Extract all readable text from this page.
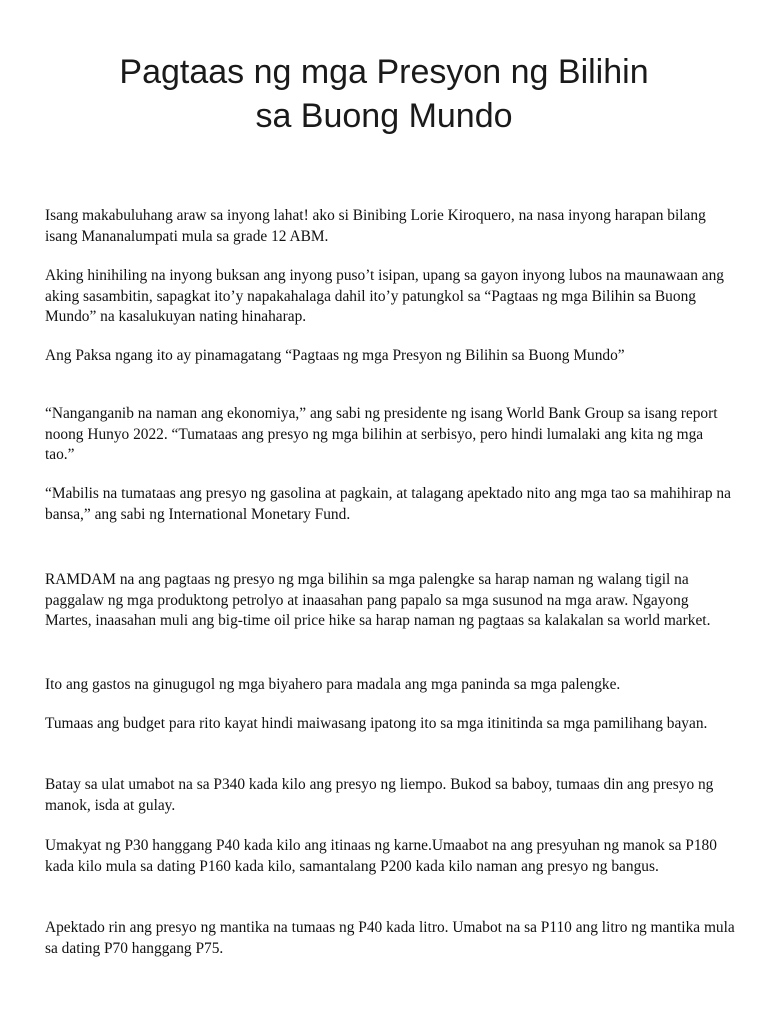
Pagtaas ng mga Presyon ng Bilihin
sa Buong Mundo

Isang makabuluhang araw sa inyong lahat! ako si Binibing Lorie Kiroquero, na nasa inyong harapan bilang isang Mananalumpati mula sa grade 12 ABM.

Aking hinihiling na inyong buksan ang inyong puso’t isipan, upang sa gayon inyong lubos na maunawaan ang aking sasambitin, sapagkat ito’y napakahalaga dahil ito’y patungkol sa “Pagtaas ng mga Bilihin sa Buong Mundo” na kasalukuyan nating hinaharap.

Ang Paksa ngang ito ay pinamagatang “Pagtaas ng mga Presyon ng Bilihin sa Buong Mundo”

“Nanganganib na naman ang ekonomiya,” ang sabi ng presidente ng isang World Bank Group sa isang report noong Hunyo 2022. “Tumataas ang presyo ng mga bilihin at serbisyo, pero hindi lumalaki ang kita ng mga tao.”

“Mabilis na tumataas ang presyo ng gasolina at pagkain, at talagang apektado nito ang mga tao sa mahihirap na bansa,” ang sabi ng International Monetary Fund.

RAMDAM na ang pagtaas ng presyo ng mga bilihin sa mga palengke sa harap naman ng walang tigil na paggalaw ng mga produktong petrolyo at inaasahan pang papalo sa mga susunod na mga araw. Ngayong Martes, inaasahan muli ang big-time oil price hike sa harap naman ng pagtaas sa kalakalan sa world market.

Ito ang gastos na ginugugol ng mga biyahero para madala ang mga paninda sa mga palengke.

Tumaas ang budget para rito kayat hindi maiwasang ipatong ito sa mga itinitinda sa mga pamilihang bayan.

Batay sa ulat umabot na sa P340 kada kilo ang presyo ng liempo. Bukod sa baboy, tumaas din ang presyo ng manok, isda at gulay.

Umakyat ng P30 hanggang P40 kada kilo ang itinaas ng karne.Umaabot na ang presyuhan ng manok sa P180 kada kilo mula sa dating P160 kada kilo, samantalang P200 kada kilo naman ang presyo ng bangus.

Apektado rin ang presyo ng mantika na tumaas ng P40 kada litro. Umabot na sa P110 ang litro ng mantika mula sa dating P70 hanggang P75.
